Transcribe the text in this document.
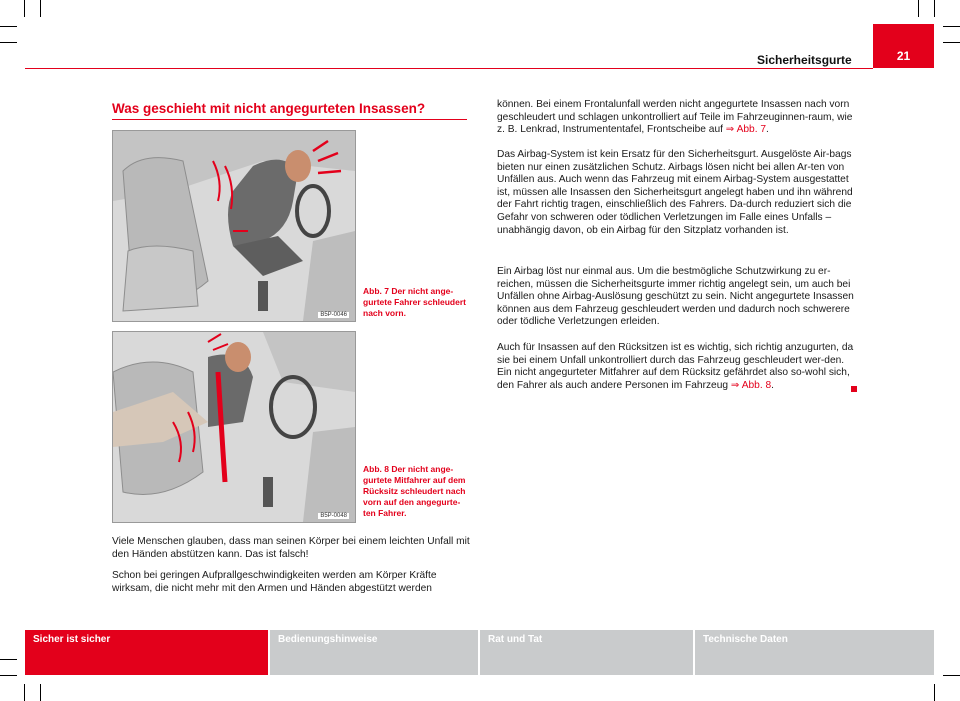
Sicherheitsgurte	21
Was geschieht mit nicht angegurteten Insassen?
B5P-0046
Abb. 7 Der nicht ange-gurtete Fahrer schleudert nach vorn.
B5P-0048
Abb. 8 Der nicht ange-gurtete Mitfahrer auf dem Rücksitz schleudert nach vorn auf den angegurte-ten Fahrer.

Viele Menschen glauben, dass man seinen Körper bei einem leichten Unfall mit den Händen abstützen kann. Das ist falsch!

Schon bei geringen Aufprallgeschwindigkeiten werden am Körper Kräfte wirksam, die nicht mehr mit den Armen und Händen abgestützt werden

können. Bei einem Frontalunfall werden nicht angegurtete Insassen nach vorn geschleudert und schlagen unkontrolliert auf Teile im Fahrzeuginnen-raum, wie z. B. Lenkrad, Instrumententafel, Frontscheibe auf ⇒ Abb. 7.

Das Airbag-System ist kein Ersatz für den Sicherheitsgurt. Ausgelöste Air-bags bieten nur einen zusätzlichen Schutz. Airbags lösen nicht bei allen Ar-ten von Unfällen aus. Auch wenn das Fahrzeug mit einem Airbag-System ausgestattet ist, müssen alle Insassen den Sicherheitsgurt angelegt haben und ihn während der Fahrt richtig tragen, einschließlich des Fahrers. Da-durch reduziert sich die Gefahr von schweren oder tödlichen Verletzungen im Falle eines Unfalls – unabhängig davon, ob ein Airbag für den Sitzplatz vorhanden ist.

Ein Airbag löst nur einmal aus. Um die bestmögliche Schutzwirkung zu er-reichen, müssen die Sicherheitsgurte immer richtig angelegt sein, um auch bei Unfällen ohne Airbag-Auslösung geschützt zu sein. Nicht angegurtete Insassen können aus dem Fahrzeug geschleudert werden und dadurch noch schwerere oder tödliche Verletzungen erleiden.

Auch für Insassen auf den Rücksitzen ist es wichtig, sich richtig anzugurten, da sie bei einem Unfall unkontrolliert durch das Fahrzeug geschleudert wer-den. Ein nicht angegurteter Mitfahrer auf dem Rücksitz gefährdet also so-wohl sich, den Fahrer als auch andere Personen im Fahrzeug ⇒ Abb. 8.

Sicher ist sicher	Bedienungshinweise	Rat und Tat	Technische Daten
